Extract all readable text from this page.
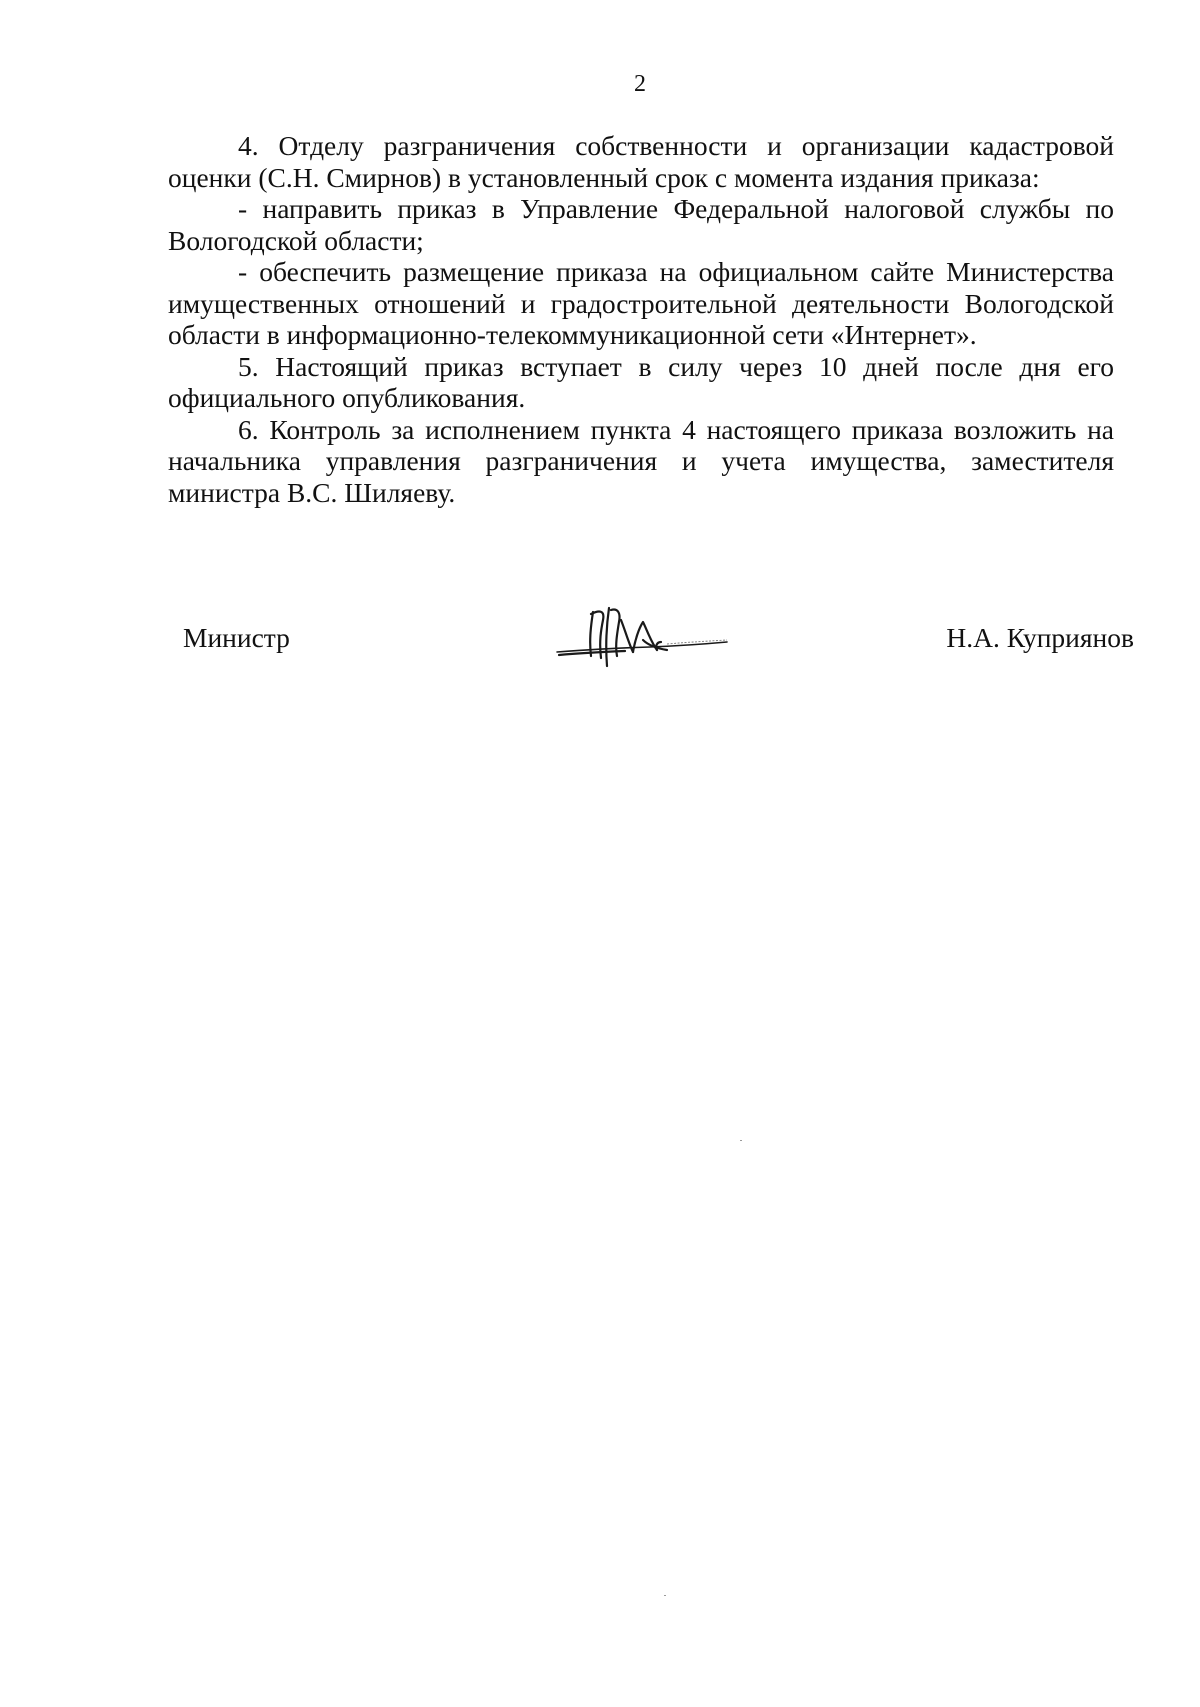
2

4. Отделу разграничения собственности и организации кадастровой оценки (С.Н. Смирнов) в установленный срок с момента издания приказа:

- направить приказ в Управление Федеральной налоговой службы по Вологодской области;

- обеспечить размещение приказа на официальном сайте Министерства имущественных отношений и градостроительной деятельности Вологодской области в информационно-телекоммуникационной сети «Интернет».

5. Настоящий приказ вступает в силу через 10 дней после дня его официального опубликования.

6. Контроль за исполнением пункта 4 настоящего приказа возложить на начальника управления разграничения и учета имущества, заместителя министра В.С. Шиляеву.

Министр	Н.А. Куприянов
